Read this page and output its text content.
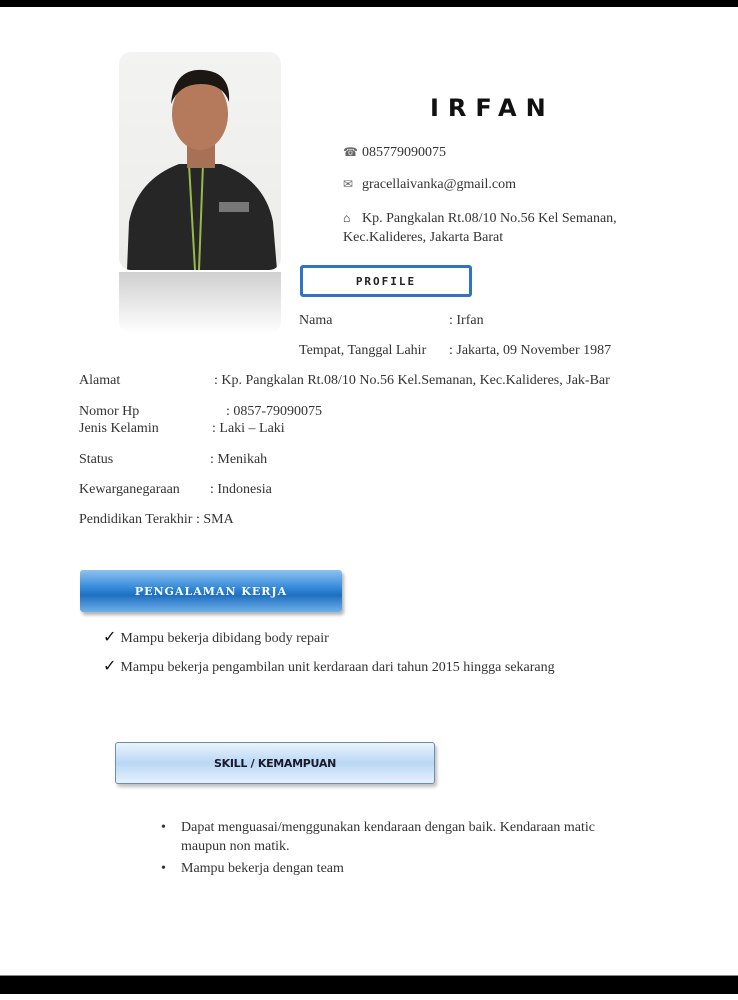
IRFAN
☎ 085779090075
✉ gracellaivanka@gmail.com
⌂ Kp. Pangkalan Rt.08/10 No.56 Kel Semanan,
Kec.Kalideres, Jakarta Barat
PROFILE
Nama	: Irfan
Tempat, Tanggal Lahir : Jakarta, 09 November 1987
Alamat	: Kp. Pangkalan Rt.08/10 No.56 Kel.Semanan, Kec.Kalideres, Jak-Bar
Nomor Hp	: 0857-79090075
Jenis Kelamin	: Laki – Laki
Status	: Menikah
Kewarganegaraan : Indonesia
Pendidikan Terakhir : SMA
PENGALAMAN KERJA
✓ Mampu bekerja dibidang body repair
✓ Mampu bekerja pengambilan unit kerdaraan dari tahun 2015 hingga sekarang
SKILL / KEMAMPUAN
• Dapat menguasai/menggunakan kendaraan dengan baik. Kendaraan matic maupun non matik.
• Mampu bekerja dengan team
